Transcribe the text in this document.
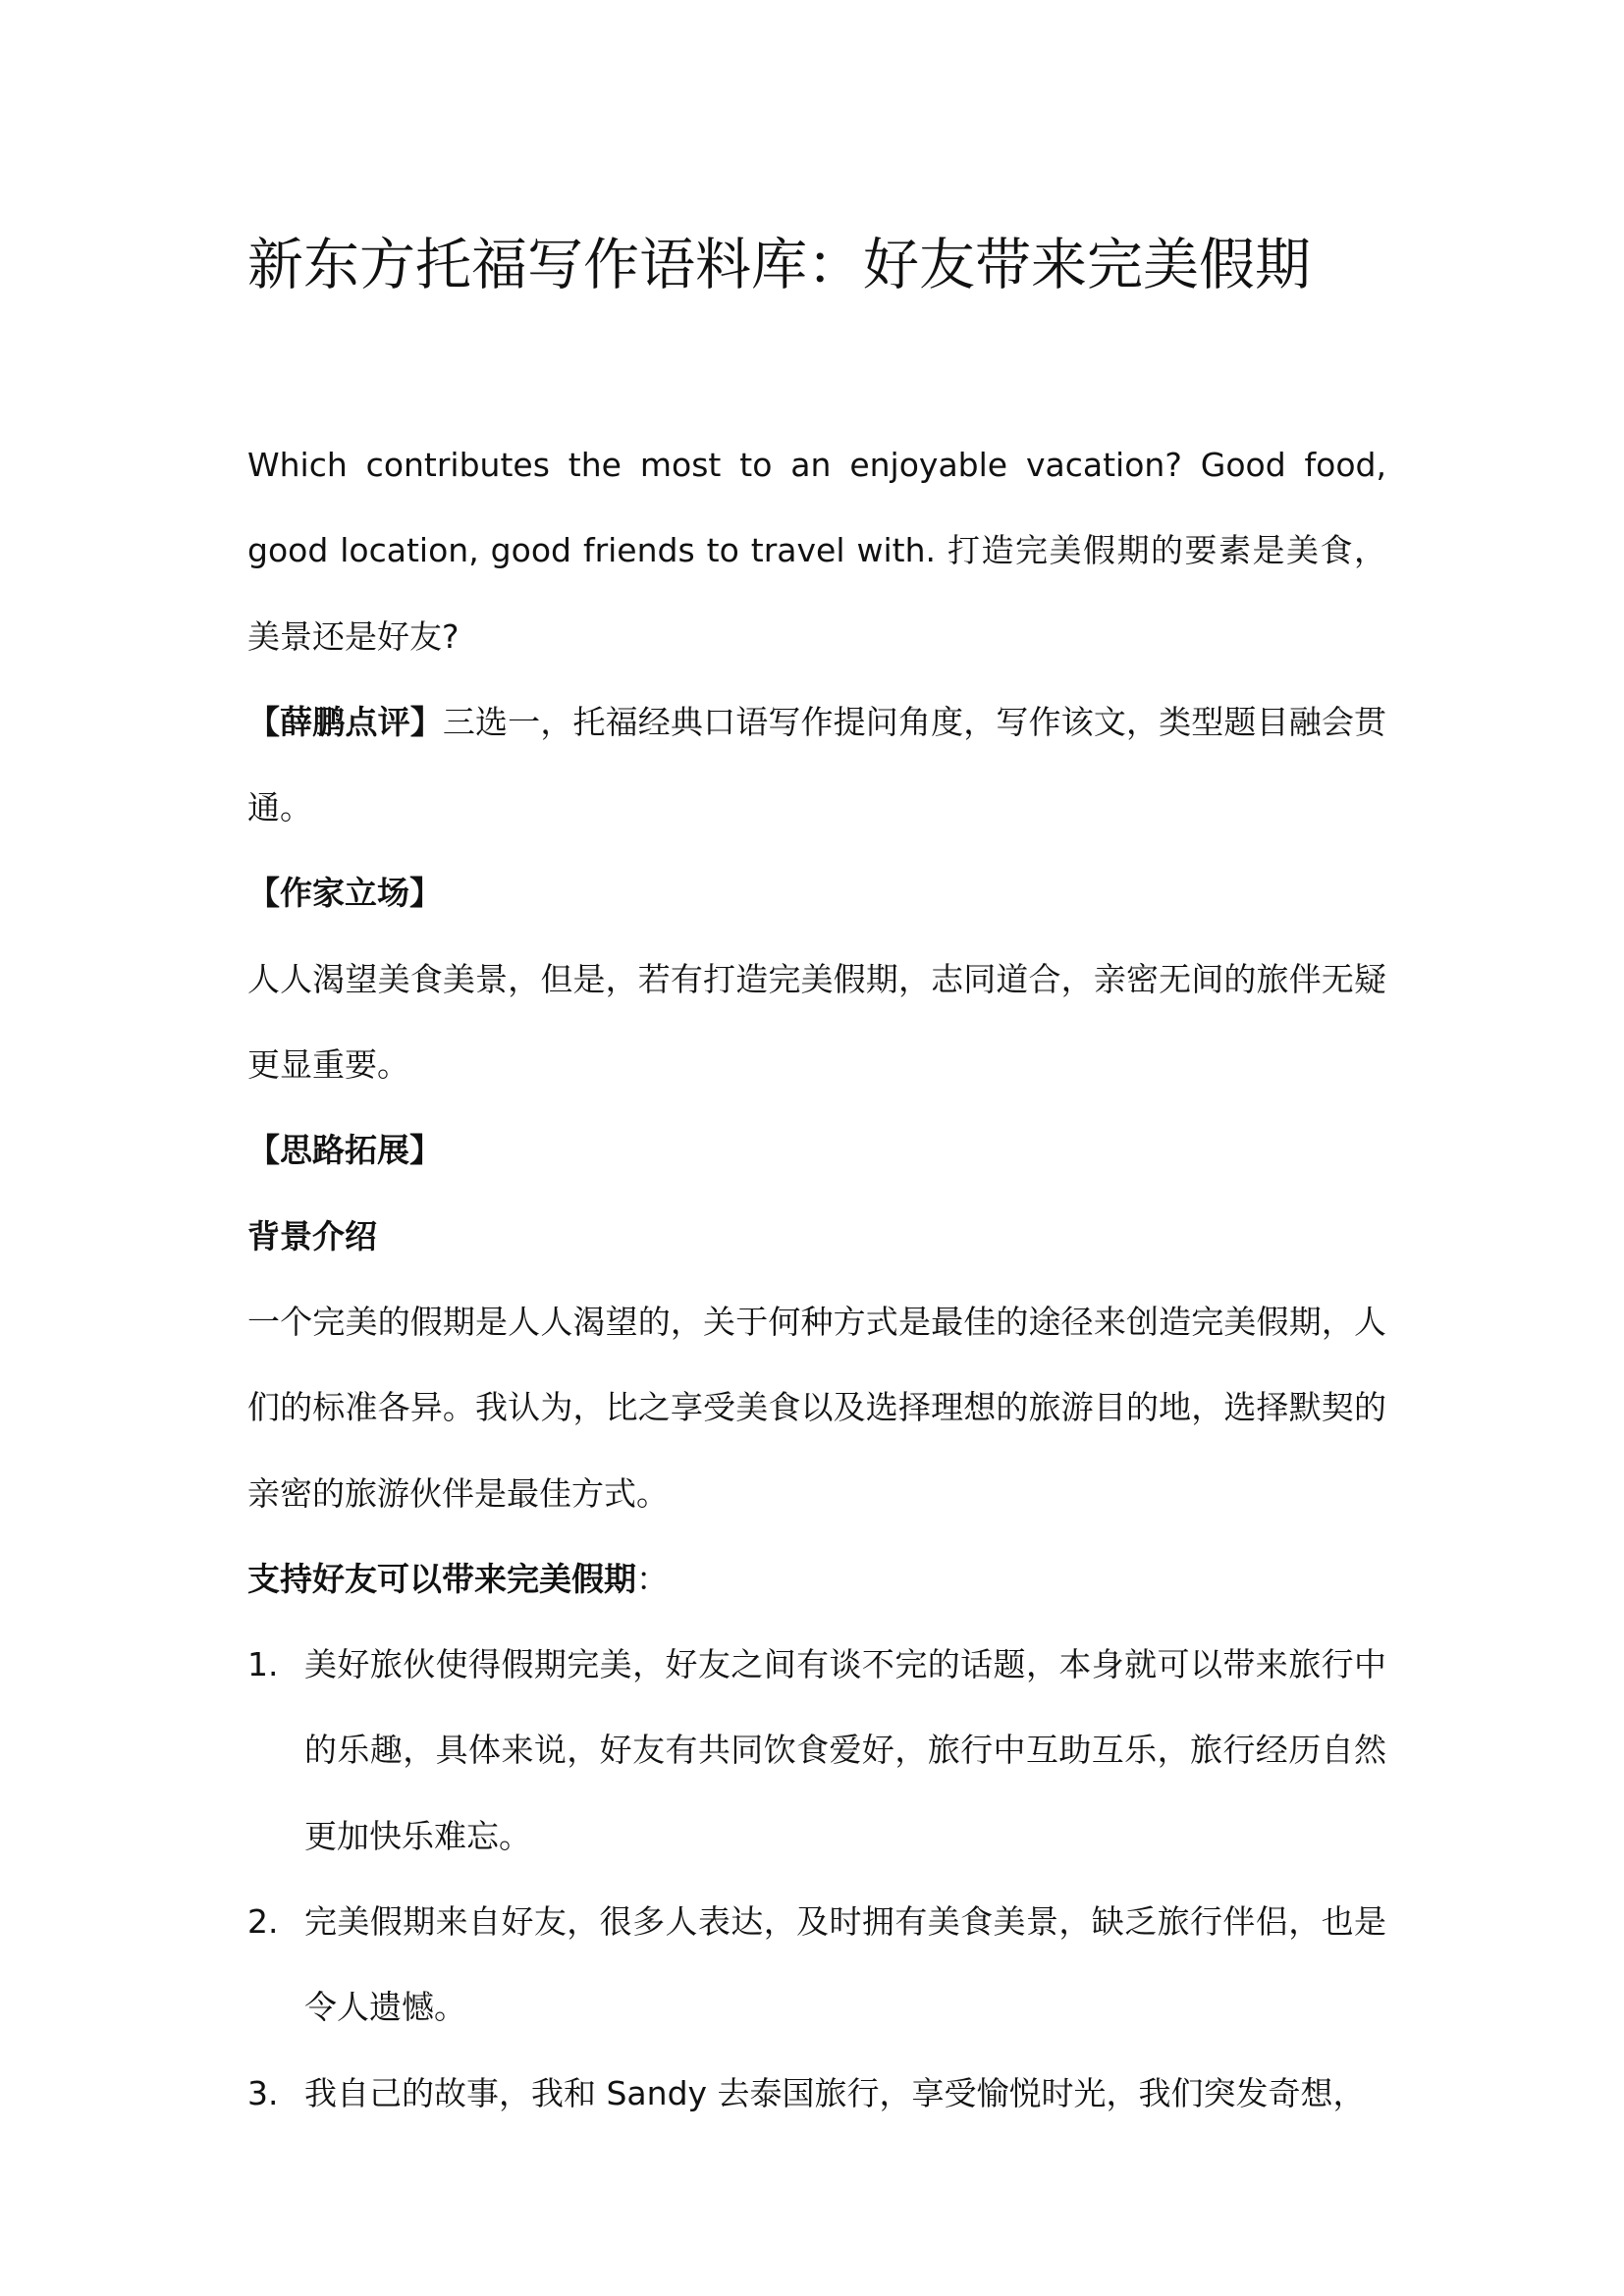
新东方托福写作语料库：好友带来完美假期

Which contributes the most to an enjoyable vacation? Good food, good location, good friends to travel with. 打造完美假期的要素是美食，美景还是好友?

【薛鹏点评】三选一，托福经典口语写作提问角度，写作该文，类型题目融会贯通。

【作家立场】

人人渴望美食美景，但是，若有打造完美假期，志同道合，亲密无间的旅伴无疑更显重要。

【思路拓展】

背景介绍

一个完美的假期是人人渴望的，关于何种方式是最佳的途径来创造完美假期，人们的标准各异。我认为，比之享受美食以及选择理想的旅游目的地，选择默契的亲密的旅游伙伴是最佳方式。

支持好友可以带来完美假期：

1. 美好旅伙使得假期完美，好友之间有谈不完的话题，本身就可以带来旅行中的乐趣，具体来说，好友有共同饮食爱好，旅行中互助互乐，旅行经历自然更加快乐难忘。
2. 完美假期来自好友，很多人表达，及时拥有美食美景，缺乏旅行伴侣，也是令人遗憾。
3. 我自己的故事，我和 Sandy 去泰国旅行，享受愉悦时光，我们突发奇想，
